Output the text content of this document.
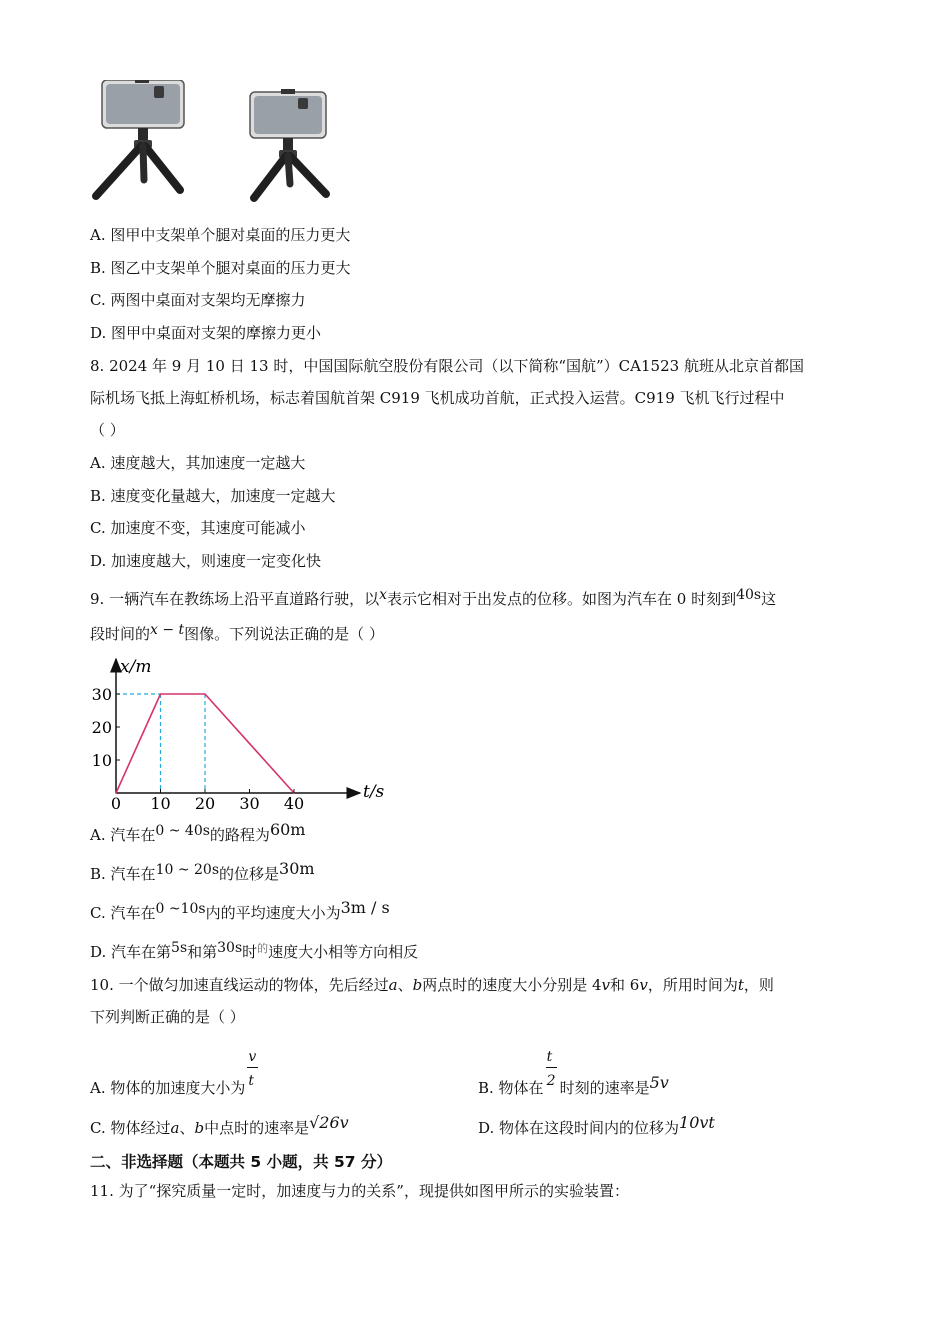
A. 图甲中支架单个腿对桌面的压力更大
B. 图乙中支架单个腿对桌面的压力更大
C. 两图中桌面对支架均无摩擦力
D. 图甲中桌面对支架的摩擦力更小
8. 2024 年 9 月 10 日 13 时，中国国际航空股份有限公司（以下简称“国航”）CA1523 航班从北京首都国
际机场飞抵上海虹桥机场，标志着国航首架 C919 飞机成功首航，正式投入运营。C919 飞机飞行过程中
（ ）
A. 速度越大，其加速度一定越大
B. 速度变化量越大，加速度一定越大
C. 加速度不变，其速度可能减小
D. 加速度越大，则速度一定变化快
9. 一辆汽车在教练场上沿平直道路行驶，以x表示它相对于出发点的位移。如图为汽车在 0 时刻到40s这
段时间的x − t图像。下列说法正确的是（ ）
0 10 20 30 40
10
20
30
x/m
t/s
A. 汽车在0 ~ 40s的路程为60m
B. 汽车在10 ~ 20s的位移是30m
C. 汽车在0 ~10s内的平均速度大小为3m / s
D. 汽车在第5s和第30s时的速度大小相等方向相反
10. 一个做匀加速直线运动的物体，先后经过a、b两点时的速度大小分别是 4v和 6v，所用时间为t，则
下列判断正确的是（ ）
A. 物体的加速度大小为 $\frac{v}{t}$	B. 物体在 $\frac{t}{2}$ 时刻的速率是5v
C. 物体经过a、b中点时的速率是√26v	D. 物体在这段时间内的位移为10vt
二、非选择题（本题共 5 小题，共 57 分）
11. 为了“探究质量一定时，加速度与力的关系”，现提供如图甲所示的实验装置：
